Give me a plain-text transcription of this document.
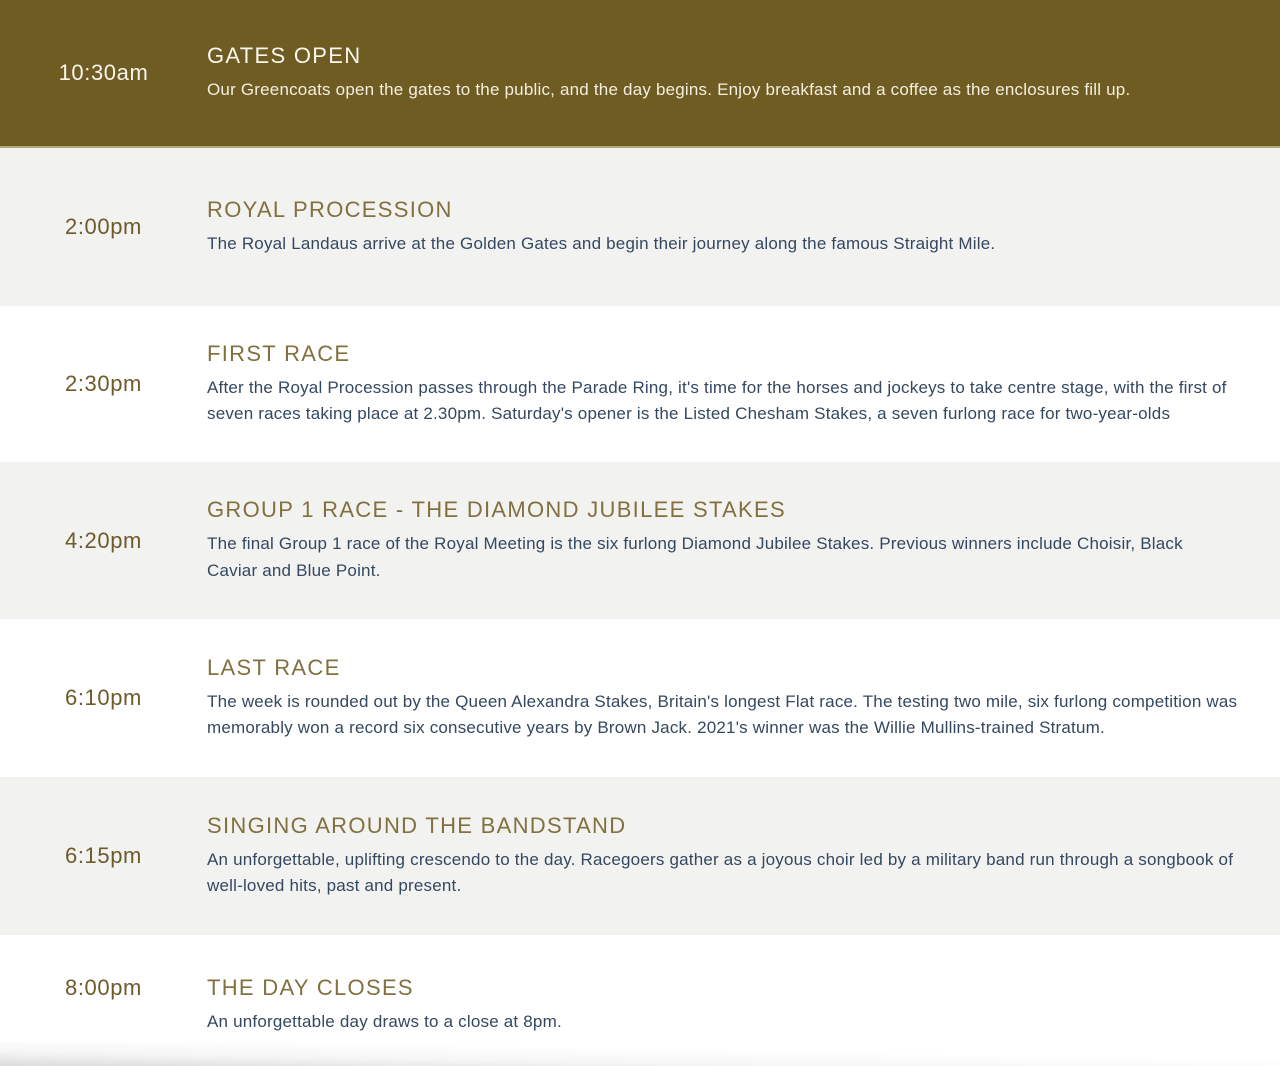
10:30am
GATES OPEN
Our Greencoats open the gates to the public, and the day begins. Enjoy breakfast and a coffee as the enclosures fill up.
2:00pm
ROYAL PROCESSION
The Royal Landaus arrive at the Golden Gates and begin their journey along the famous Straight Mile.
2:30pm
FIRST RACE
After the Royal Procession passes through the Parade Ring, it's time for the horses and jockeys to take centre stage, with the first of seven races taking place at 2.30pm. Saturday's opener is the Listed Chesham Stakes, a seven furlong race for two-year-olds
4:20pm
GROUP 1 RACE - THE DIAMOND JUBILEE STAKES
The final Group 1 race of the Royal Meeting is the six furlong Diamond Jubilee Stakes. Previous winners include Choisir, Black Caviar and Blue Point.
6:10pm
LAST RACE
The week is rounded out by the Queen Alexandra Stakes, Britain's longest Flat race. The testing two mile, six furlong competition was memorably won a record six consecutive years by Brown Jack. 2021's winner was the Willie Mullins-trained Stratum.
6:15pm
SINGING AROUND THE BANDSTAND
An unforgettable, uplifting crescendo to the day. Racegoers gather as a joyous choir led by a military band run through a songbook of well-loved hits, past and present.
8:00pm	THE DAY CLOSES
An unforgettable day draws to a close at 8pm.
